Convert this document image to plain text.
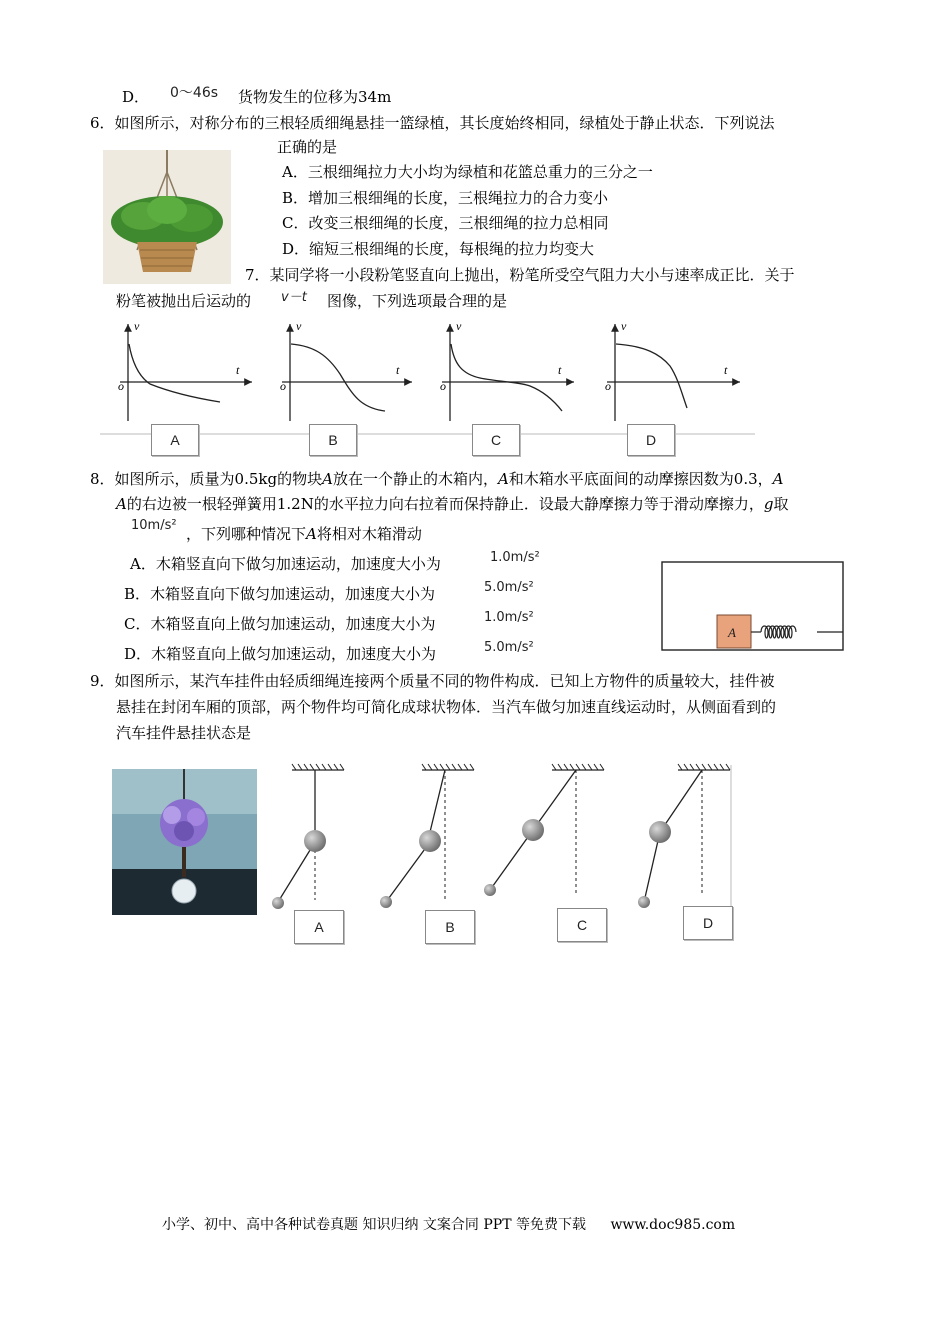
D． 0～46s 货物发生的位移为34m
6．如图所示，对称分布的三根轻质细绳悬挂一篮绿植，其长度始终相同，绿植处于静止状态．下列说法
正确的是
A．三根细绳拉力大小均为绿植和花篮总重力的三分之一
B．增加三根细绳的长度，三根绳拉力的合力变小
C．改变三根细绳的长度，三根细绳的拉力总相同
D．缩短三根细绳的长度，每根绳的拉力均变大
7．某同学将一小段粉笔竖直向上抛出，粉笔所受空气阻力大小与速率成正比．关于
粉笔被抛出后运动的 v－t 图像，下列选项最合理的是
v
t
o
v
t
o
v
t
o
v
t
o
A	B	C	D
8．如图所示，质量为0.5kg的物块A放在一个静止的木箱内，A和木箱水平底面间的动摩擦因数为0.3，A
A的右边被一根轻弹簧用1.2N的水平拉力向右拉着而保持静止．设最大静摩擦力等于滑动摩擦力，g取
10m/s² ，下列哪种情况下A将相对木箱滑动
A．木箱竖直向下做匀加速运动，加速度大小为	1.0m/s²
B．木箱竖直向下做匀加速运动，加速度大小为	5.0m/s²
C．木箱竖直向上做匀加速运动，加速度大小为	1.0m/s²
D．木箱竖直向上做匀加速运动，加速度大小为	5.0m/s²
A
9．如图所示，某汽车挂件由轻质细绳连接两个质量不同的物件构成．已知上方物件的质量较大，挂件被
悬挂在封闭车厢的顶部，两个物件均可简化成球状物体．当汽车做匀加速直线运动时，从侧面看到的
汽车挂件悬挂状态是
A	B	C	D
小学、初中、高中各种试卷真题 知识归纳 文案合同 PPT 等免费下载 www.doc985.com
